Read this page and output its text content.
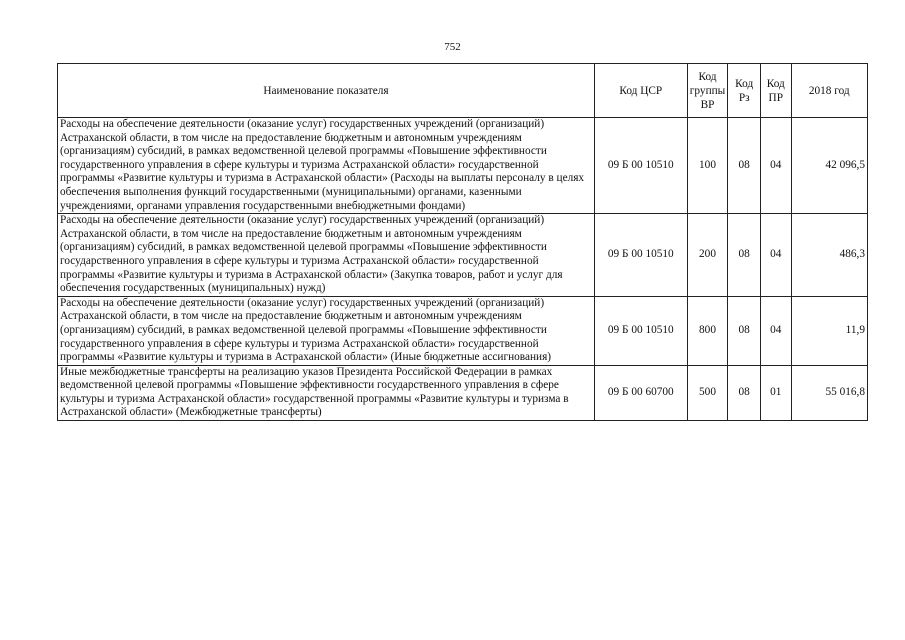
752
Наименование показателя	Код ЦСР	Код группы ВР	Код Рз	Код ПР	2018 год
Расходы на обеспечение деятельности (оказание услуг) государственных учреждений (организаций) Астраханской области, в том числе на предоставление бюджетным и автономным учреждениям (организациям) субсидий, в рамках ведомственной целевой программы «Повышение эффективности государственного управления в сфере культуры и туризма Астраханской области» государственной программы «Развитие культуры и туризма в Астраханской области» (Расходы на выплаты персоналу в целях обеспечения выполнения функций государственными (муниципальными) органами, казенными учреждениями, органами управления государственными внебюджетными фондами)	09 Б 00 10510	100	08	04	42 096,5
Расходы на обеспечение деятельности (оказание услуг) государственных учреждений (организаций) Астраханской области, в том числе на предоставление бюджетным и автономным учреждениям (организациям) субсидий, в рамках ведомственной целевой программы «Повышение эффективности государственного управления в сфере культуры и туризма Астраханской области» государственной программы «Развитие культуры и туризма в Астраханской области» (Закупка товаров, работ и услуг для обеспечения государственных (муниципальных) нужд)	09 Б 00 10510	200	08	04	486,3
Расходы на обеспечение деятельности (оказание услуг) государственных учреждений (организаций) Астраханской области, в том числе на предоставление бюджетным и автономным учреждениям (организациям) субсидий, в рамках ведомственной целевой программы «Повышение эффективности государственного управления в сфере культуры и туризма Астраханской области» государственной программы «Развитие культуры и туризма в Астраханской области» (Иные бюджетные ассигнования)	09 Б 00 10510	800	08	04	11,9
Иные межбюджетные трансферты на реализацию указов Президента Российской Федерации в рамках ведомственной целевой программы «Повышение эффективности государственного управления в сфере культуры и туризма Астраханской области» государственной программы «Развитие культуры и туризма в Астраханской области» (Межбюджетные трансферты)	09 Б 00 60700	500	08	01	55 016,8
